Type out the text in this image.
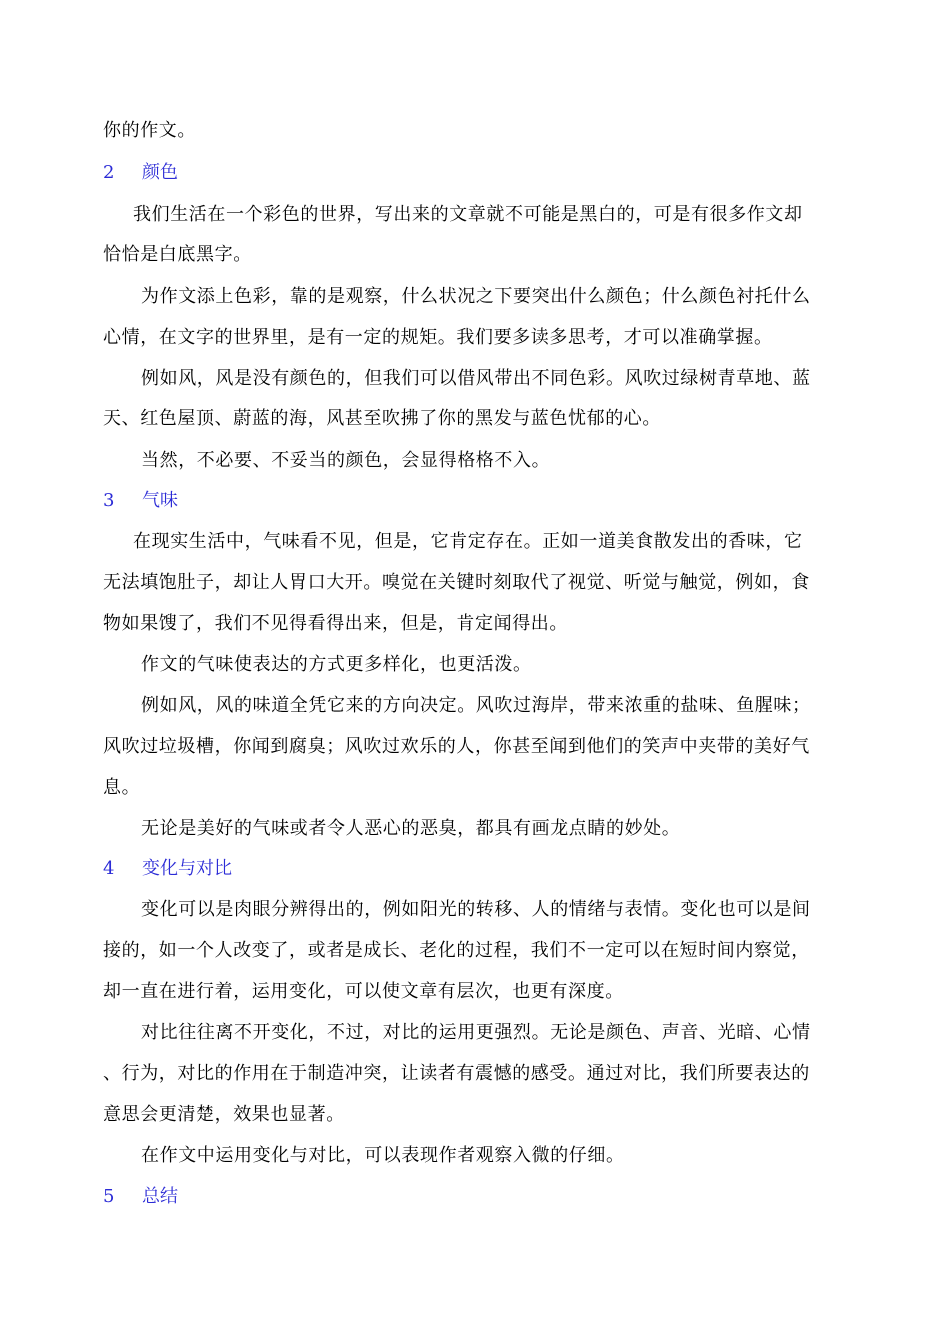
你的作文。
2 颜色
我们生活在一个彩色的世界，写出来的文章就不可能是黑白的，可是有很多作文却
恰恰是白底黑字。
为作文添上色彩，靠的是观察，什么状况之下要突出什么颜色；什么颜色衬托什么
心情，在文字的世界里，是有一定的规矩。我们要多读多思考，才可以准确掌握。
例如风，风是没有颜色的，但我们可以借风带出不同色彩。风吹过绿树青草地、蓝
天、红色屋顶、蔚蓝的海，风甚至吹拂了你的黑发与蓝色忧郁的心。
当然，不必要、不妥当的颜色，会显得格格不入。
3 气味
在现实生活中，气味看不见，但是，它肯定存在。正如一道美食散发出的香味，它
无法填饱肚子，却让人胃口大开。嗅觉在关键时刻取代了视觉、听觉与触觉，例如，食
物如果馊了，我们不见得看得出来，但是，肯定闻得出。
作文的气味使表达的方式更多样化，也更活泼。
例如风，风的味道全凭它来的方向决定。风吹过海岸，带来浓重的盐味、鱼腥味；
风吹过垃圾槽，你闻到腐臭；风吹过欢乐的人，你甚至闻到他们的笑声中夹带的美好气
息。
无论是美好的气味或者令人恶心的恶臭，都具有画龙点睛的妙处。
4 变化与对比
变化可以是肉眼分辨得出的，例如阳光的转移、人的情绪与表情。变化也可以是间
接的，如一个人改变了，或者是成长、老化的过程，我们不一定可以在短时间内察觉，
却一直在进行着，运用变化，可以使文章有层次，也更有深度。
对比往往离不开变化，不过，对比的运用更强烈。无论是颜色、声音、光暗、心情
、行为，对比的作用在于制造冲突，让读者有震憾的感受。通过对比，我们所要表达的
意思会更清楚，效果也显著。
在作文中运用变化与对比，可以表现作者观察入微的仔细。
5 总结
